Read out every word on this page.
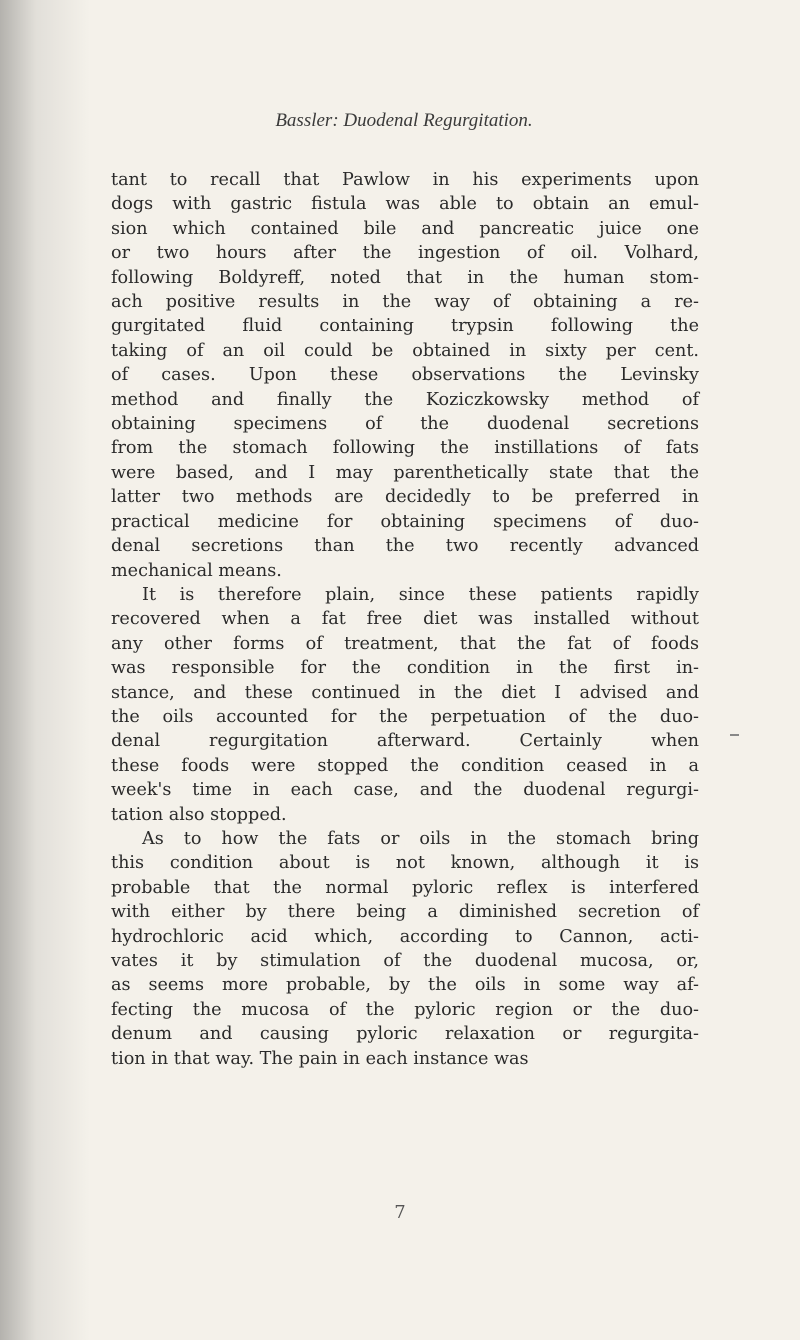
Bassler: Duodenal Regurgitation.

tant to recall that Pawlow in his experiments upon
dogs with gastric fistula was able to obtain an emul-
sion which contained bile and pancreatic juice one
or two hours after the ingestion of oil. Volhard,
following Boldyreff, noted that in the human stom-
ach positive results in the way of obtaining a re-
gurgitated fluid containing trypsin following the
taking of an oil could be obtained in sixty per cent.
of cases. Upon these observations the Levinsky
method and finally the Koziczkowsky method of
obtaining specimens of the duodenal secretions
from the stomach following the instillations of fats
were based, and I may parenthetically state that the
latter two methods are decidedly to be preferred in
practical medicine for obtaining specimens of duo-
denal secretions than the two recently advanced
mechanical means.

It is therefore plain, since these patients rapidly
recovered when a fat free diet was installed without
any other forms of treatment, that the fat of foods
was responsible for the condition in the first in-
stance, and these continued in the diet I advised and
the oils accounted for the perpetuation of the duo-
denal regurgitation afterward. Certainly when
these foods were stopped the condition ceased in a
week's time in each case, and the duodenal regurgi-
tation also stopped.

As to how the fats or oils in the stomach bring
this condition about is not known, although it is
probable that the normal pyloric reflex is interfered
with either by there being a diminished secretion of
hydrochloric acid which, according to Cannon, acti-
vates it by stimulation of the duodenal mucosa, or,
as seems more probable, by the oils in some way af-
fecting the mucosa of the pyloric region or the duo-
denum and causing pyloric relaxation or regurgita-
tion in that way. The pain in each instance was

7
